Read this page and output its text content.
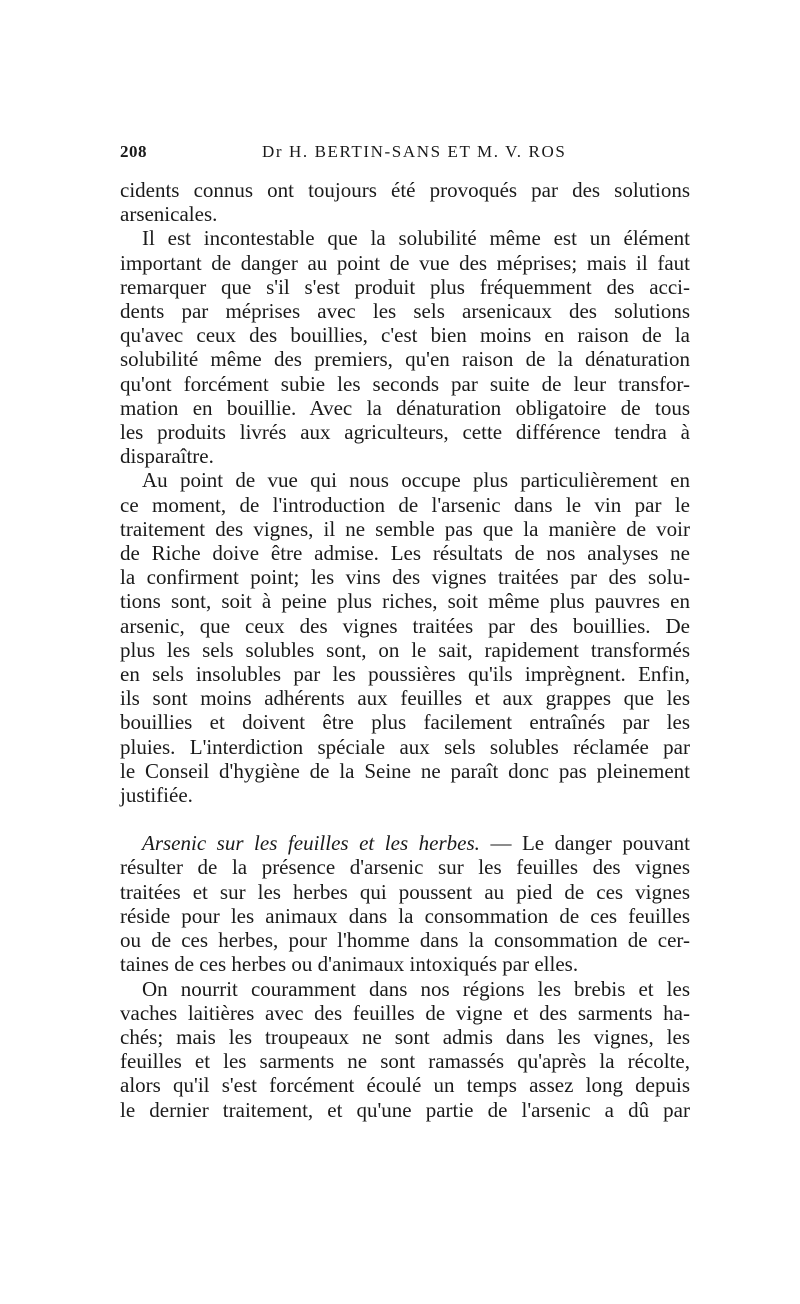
208	Dr H. BERTIN-SANS ET M. V. ROS
cidents connus ont toujours été provoqués par des solutions
arsenicales.
Il est incontestable que la solubilité même est un élément
important de danger au point de vue des méprises; mais il faut
remarquer que s'il s'est produit plus fréquemment des acci-
dents par méprises avec les sels arsenicaux des solutions
qu'avec ceux des bouillies, c'est bien moins en raison de la
solubilité même des premiers, qu'en raison de la dénaturation
qu'ont forcément subie les seconds par suite de leur transfor-
mation en bouillie. Avec la dénaturation obligatoire de tous
les produits livrés aux agriculteurs, cette différence tendra à
disparaître.
Au point de vue qui nous occupe plus particulièrement en
ce moment, de l'introduction de l'arsenic dans le vin par le
traitement des vignes, il ne semble pas que la manière de voir
de Riche doive être admise. Les résultats de nos analyses ne
la confirment point; les vins des vignes traitées par des solu-
tions sont, soit à peine plus riches, soit même plus pauvres en
arsenic, que ceux des vignes traitées par des bouillies. De
plus les sels solubles sont, on le sait, rapidement transformés
en sels insolubles par les poussières qu'ils imprègnent. Enfin,
ils sont moins adhérents aux feuilles et aux grappes que les
bouillies et doivent être plus facilement entraînés par les
pluies. L'interdiction spéciale aux sels solubles réclamée par
le Conseil d'hygiène de la Seine ne paraît donc pas pleinement
justifiée.
Arsenic sur les feuilles et les herbes. — Le danger pouvant
résulter de la présence d'arsenic sur les feuilles des vignes
traitées et sur les herbes qui poussent au pied de ces vignes
réside pour les animaux dans la consommation de ces feuilles
ou de ces herbes, pour l'homme dans la consommation de cer-
taines de ces herbes ou d'animaux intoxiqués par elles.
On nourrit couramment dans nos régions les brebis et les
vaches laitières avec des feuilles de vigne et des sarments ha-
chés; mais les troupeaux ne sont admis dans les vignes, les
feuilles et les sarments ne sont ramassés qu'après la récolte,
alors qu'il s'est forcément écoulé un temps assez long depuis
le dernier traitement, et qu'une partie de l'arsenic a dû par
